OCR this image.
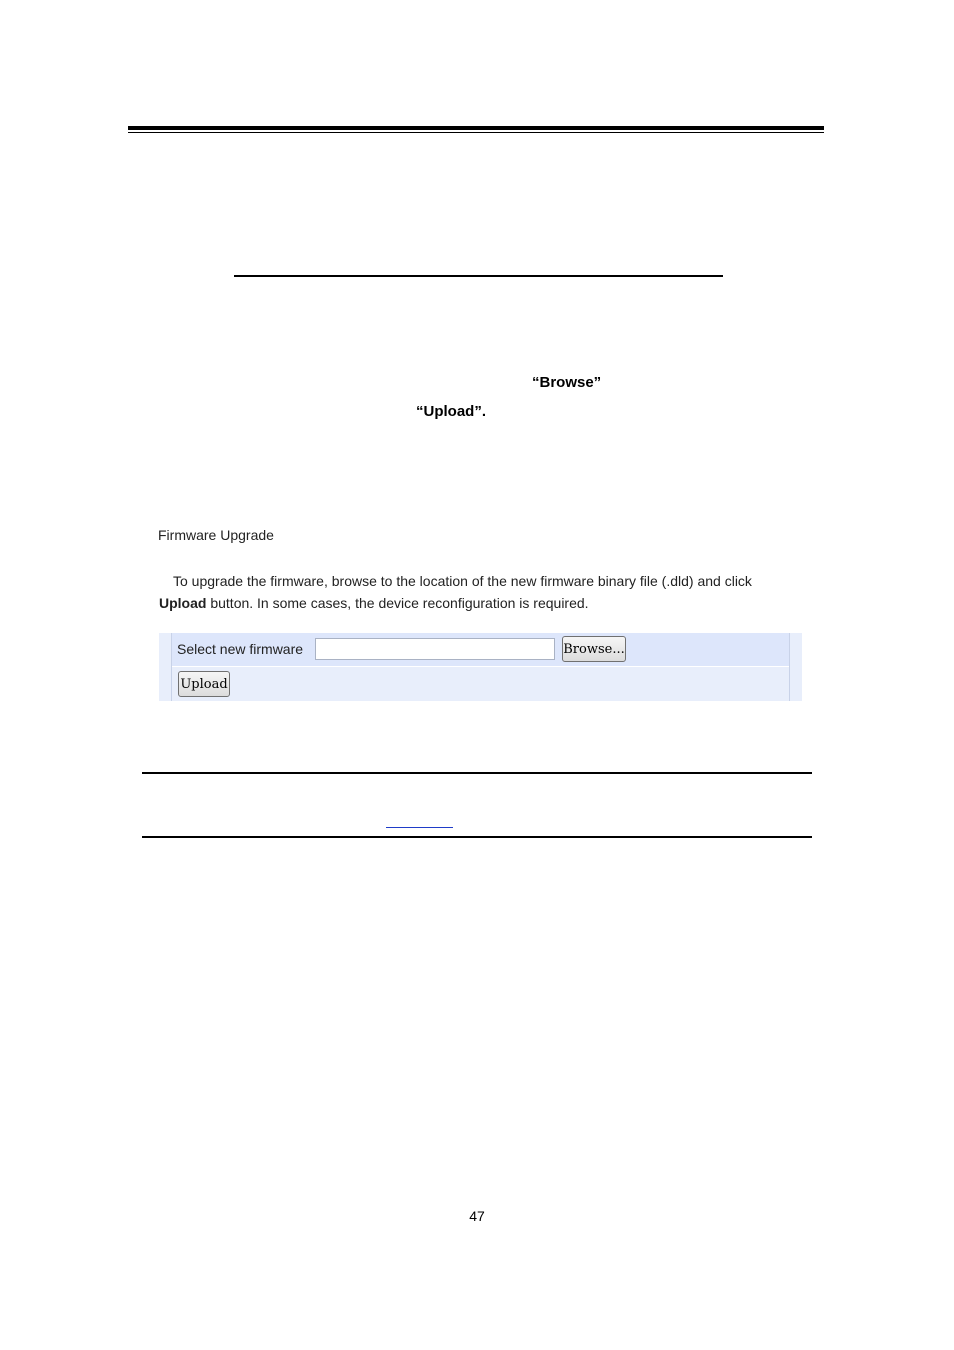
“Browse”
“Upload”.
Firmware Upgrade
To upgrade the firmware, browse to the location of the new firmware binary file (.dld) and click
Upload button. In some cases, the device reconfiguration is required.
Select new firmware	Browse...
Upload
47
